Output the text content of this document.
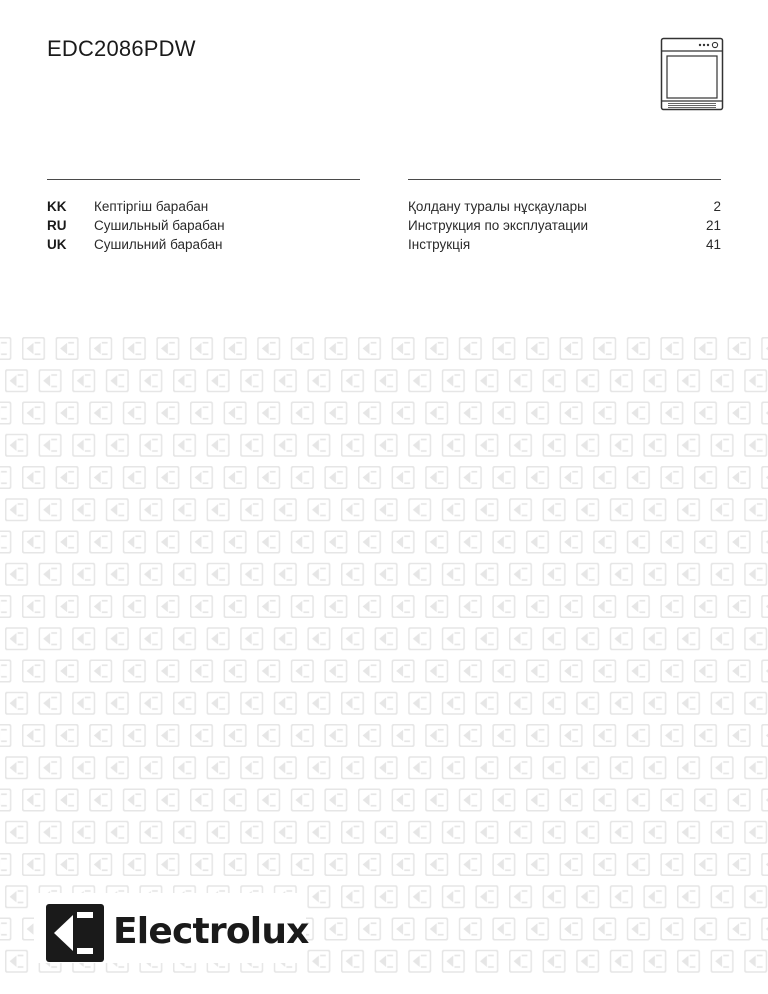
EDC2086PDW
KK	Кептіргіш барабан
RU	Сушильный барабан
UK	Сушильний барабан
Қолдану туралы нұсқаулары	2
Инструкция по эксплуатации	21
Інструкція	41
Electrolux
